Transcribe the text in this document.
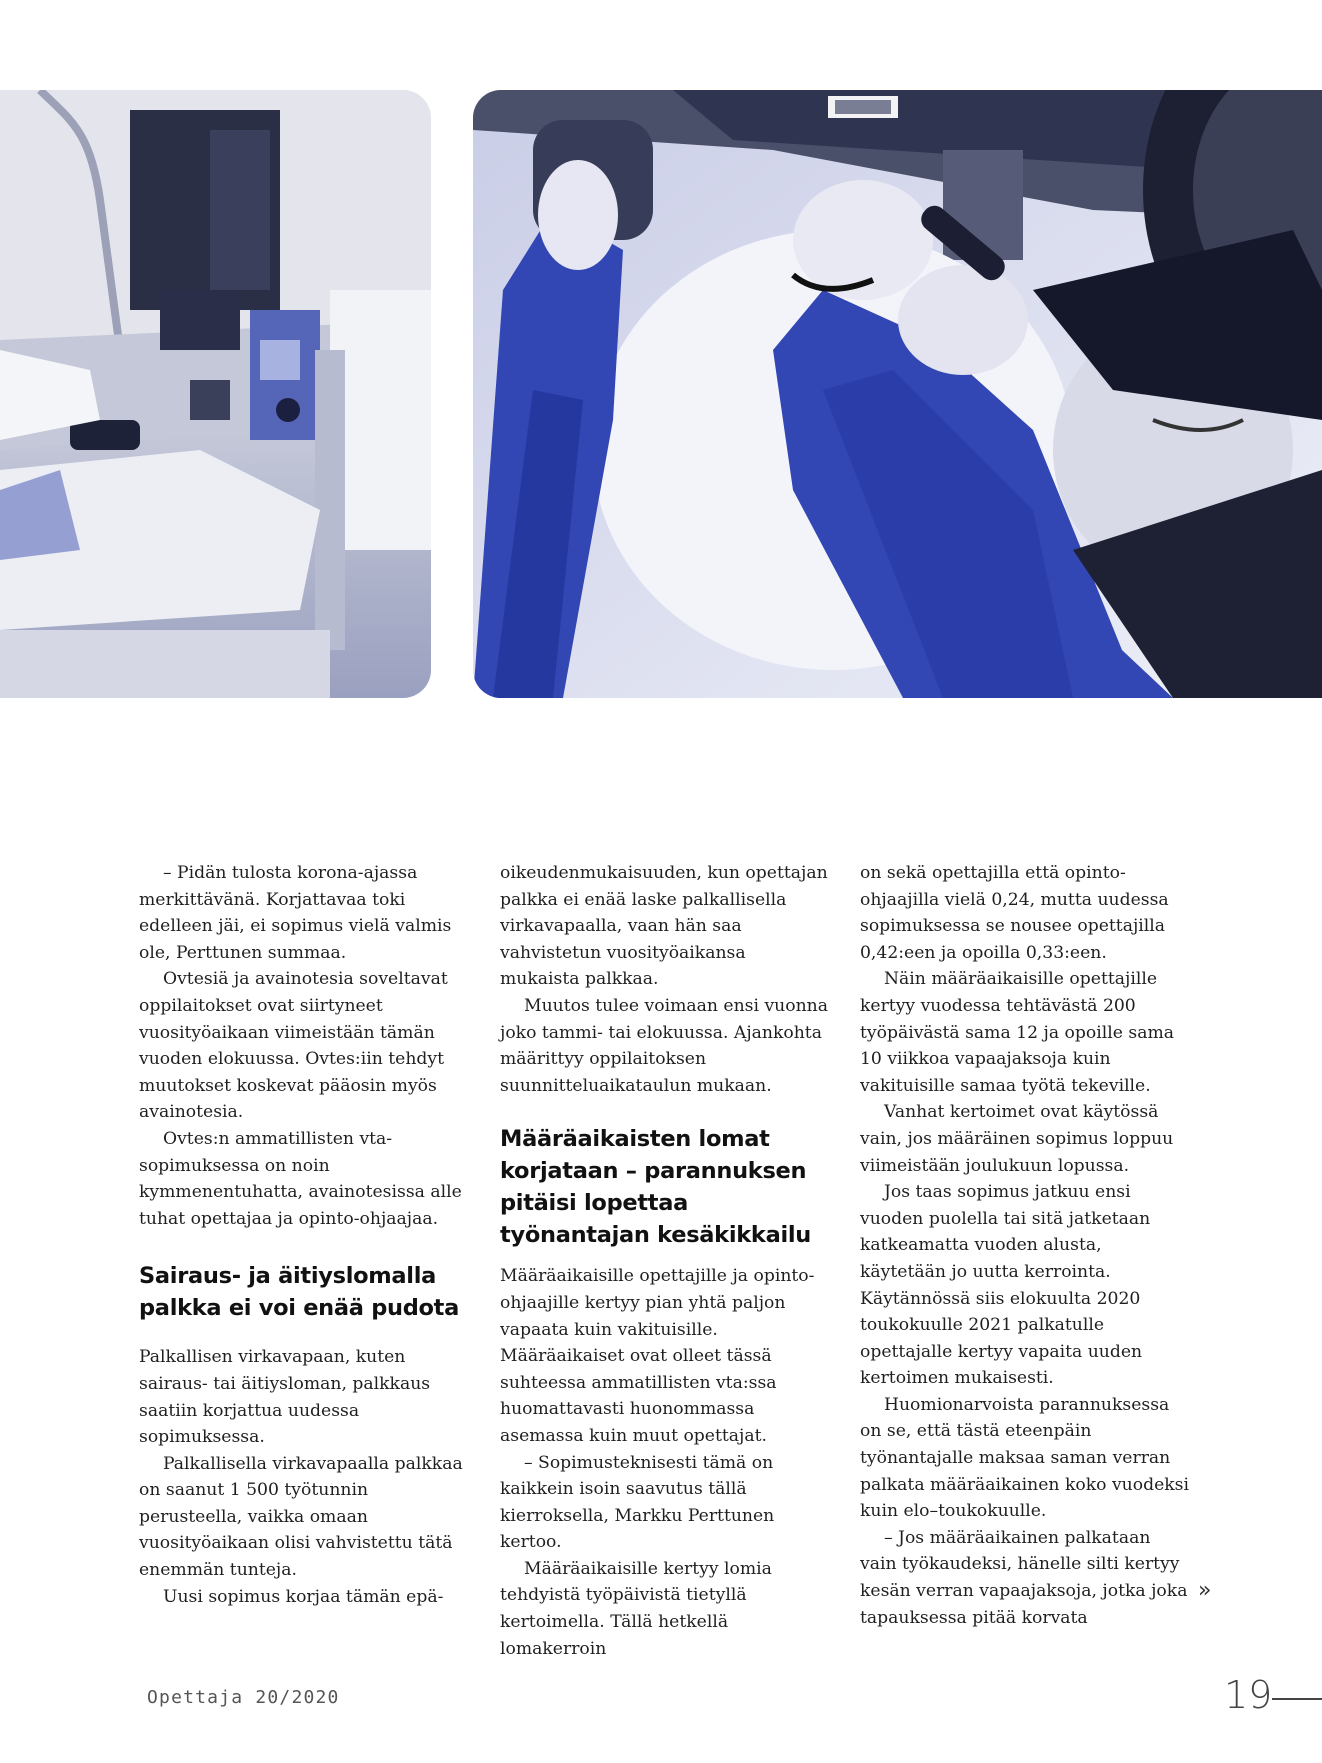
– Pidän tulosta korona-ajassa merkittävänä. Korjattavaa toki edelleen jäi, ei sopimus vielä valmis ole, Perttunen summaa.

Ovtesiä ja avainotesia soveltavat oppilaitokset ovat siirtyneet vuosityöaikaan viimeistään tämän vuoden elokuussa. Ovtes:iin tehdyt muutokset koskevat pääosin myös avainotesia.

Ovtes:n ammatillisten vta-sopimuksessa on noin kymmenentuhatta, avainotesissa alle tuhat opettajaa ja opinto-ohjaajaa.

Sairaus- ja äitiyslomalla palkka ei voi enää pudota

Palkallisen virkavapaan, kuten sairaus- tai äitiysloman, palkkaus saatiin korjattua uudessa sopimuksessa.

Palkallisella virkavapaalla palkkaa on saanut 1 500 työtunnin perusteella, vaikka omaan vuosityöaikaan olisi vahvistettu tätä enemmän tunteja.

Uusi sopimus korjaa tämän epä-

oikeudenmukaisuuden, kun opettajan palkka ei enää laske palkallisella virkavapaalla, vaan hän saa vahvistetun vuosityöaikansa mukaista palkkaa.

Muutos tulee voimaan ensi vuonna joko tammi- tai elokuussa. Ajankohta määrittyy oppilaitoksen suunnitteluaikataulun mukaan.

Määräaikaisten lomat korjataan – parannuksen pitäisi lopettaa työnantajan kesäkikkailu

Määräaikaisille opettajille ja opinto-ohjaajille kertyy pian yhtä paljon vapaata kuin vakituisille. Määräaikaiset ovat olleet tässä suhteessa ammatillisten vta:ssa huomattavasti huonommassa asemassa kuin muut opettajat.

– Sopimusteknisesti tämä on kaikkein isoin saavutus tällä kierroksella, Markku Perttunen kertoo.

Määräaikaisille kertyy lomia tehdyistä työpäivistä tietyllä kertoimella. Tällä hetkellä lomakerroin

on sekä opettajilla että opinto-ohjaajilla vielä 0,24, mutta uudessa sopimuksessa se nousee opettajilla 0,42:een ja opoilla 0,33:een.

Näin määräaikaisille opettajille kertyy vuodessa tehtävästä 200 työpäivästä sama 12 ja opoille sama 10 viikkoa vapaajaksoja kuin vakituisille samaa työtä tekeville.

Vanhat kertoimet ovat käytössä vain, jos määräinen sopimus loppuu viimeistään joulukuun lopussa.

Jos taas sopimus jatkuu ensi vuoden puolella tai sitä jatketaan katkeamatta vuoden alusta, käytetään jo uutta kerrointa. Käytännössä siis elokuulta 2020 toukokuulle 2021 palkatulle opettajalle kertyy vapaita uuden kertoimen mukaisesti.

Huomionarvoista parannuksessa on se, että tästä eteenpäin työnantajalle maksaa saman verran palkata määräaikainen koko vuodeksi kuin elo–toukokuulle.

– Jos määräaikainen palkataan vain työkaudeksi, hänelle silti kertyy kesän verran vapaajaksoja, jotka joka tapauksessa pitää korvata

»
Opettaja 20/2020	19
